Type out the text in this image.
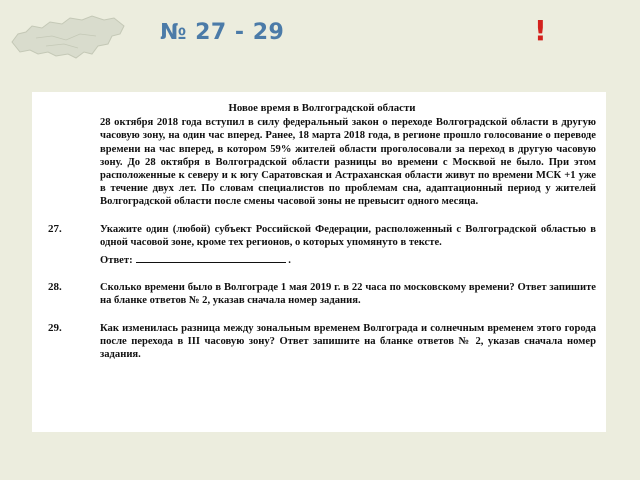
№ 27 - 29	!
Новое время в Волгоградской области
28 октября 2018 года вступил в силу федеральный закон о переходе Волгоградской области в другую часовую зону, на один час вперед. Ранее, 18 марта 2018 года, в регионе прошло голосование о переводе времени на час вперед, в котором 59% жителей области проголосовали за переход в другую часовую зону. До 28 октября в Волгоградской области разницы во времени с Москвой не было. При этом расположенные к северу и к югу Саратовская и Астраханская области живут по времени МСК +1 уже в течение двух лет. По словам специалистов по проблемам сна, адаптационный период у жителей Волгоградской области после смены часовой зоны не превысит одного месяца.
27.	Укажите один (любой) субъект Российской Федерации, расположенный с Волгоградской областью в одной часовой зоне, кроме тех регионов, о которых упомянуто в тексте.
Ответ:	.
28.	Сколько времени было в Волгограде 1 мая 2019 г. в 22 часа по московскому времени? Ответ запишите на бланке ответов № 2, указав сначала номер задания.
29.	Как изменилась разница между зональным временем Волгограда и солнечным временем этого города после перехода в III часовую зону? Ответ запишите на бланке ответов № 2, указав сначала номер задания.
